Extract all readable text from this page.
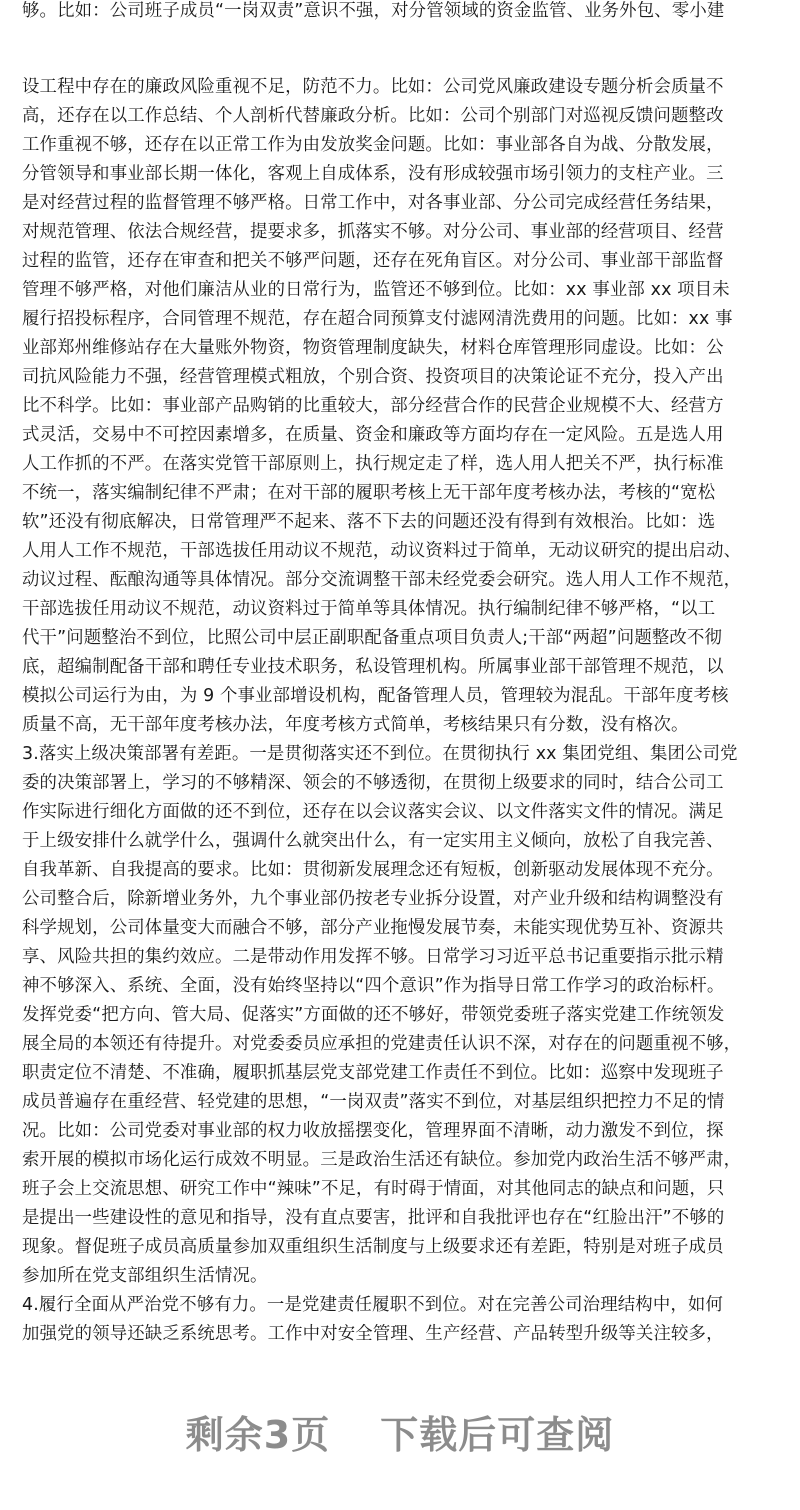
够。比如：公司班子成员“一岗双责”意识不强，对分管领域的资金监管、业务外包、零小建
设工程中存在的廉政风险重视不足，防范不力。比如：公司党风廉政建设专题分析会质量不
高，还存在以工作总结、个人剖析代替廉政分析。比如：公司个别部门对巡视反馈问题整改
工作重视不够，还存在以正常工作为由发放奖金问题。比如：事业部各自为战、分散发展，
分管领导和事业部长期一体化，客观上自成体系，没有形成较强市场引领力的支柱产业。三
是对经营过程的监督管理不够严格。日常工作中，对各事业部、分公司完成经营任务结果，
对规范管理、依法合规经营，提要求多，抓落实不够。对分公司、事业部的经营项目、经营
过程的监管，还存在审查和把关不够严问题，还存在死角盲区。对分公司、事业部干部监督
管理不够严格，对他们廉洁从业的日常行为，监管还不够到位。比如：xx 事业部 xx 项目未
履行招投标程序，合同管理不规范，存在超合同预算支付滤网清洗费用的问题。比如：xx 事
业部郑州维修站存在大量账外物资，物资管理制度缺失，材料仓库管理形同虚设。比如：公
司抗风险能力不强，经营管理模式粗放，个别合资、投资项目的决策论证不充分，投入产出
比不科学。比如：事业部产品购销的比重较大，部分经营合作的民营企业规模不大、经营方
式灵活，交易中不可控因素增多，在质量、资金和廉政等方面均存在一定风险。五是选人用
人工作抓的不严。在落实党管干部原则上，执行规定走了样，选人用人把关不严，执行标准
不统一，落实编制纪律不严肃；在对干部的履职考核上无干部年度考核办法，考核的“宽松
软”还没有彻底解决，日常管理严不起来、落不下去的问题还没有得到有效根治。比如：选
人用人工作不规范，干部选拔任用动议不规范，动议资料过于简单，无动议研究的提出启动、
动议过程、酝酿沟通等具体情况。部分交流调整干部未经党委会研究。选人用人工作不规范，
干部选拔任用动议不规范，动议资料过于简单等具体情况。执行编制纪律不够严格，“以工
代干”问题整治不到位，比照公司中层正副职配备重点项目负责人;干部“两超”问题整改不彻
底，超编制配备干部和聘任专业技术职务，私设管理机构。所属事业部干部管理不规范，以
模拟公司运行为由，为 9 个事业部增设机构，配备管理人员，管理较为混乱。干部年度考核
质量不高，无干部年度考核办法，年度考核方式简单，考核结果只有分数，没有格次。
3.落实上级决策部署有差距。一是贯彻落实还不到位。在贯彻执行 xx 集团党组、集团公司党
委的决策部署上，学习的不够精深、领会的不够透彻，在贯彻上级要求的同时，结合公司工
作实际进行细化方面做的还不到位，还存在以会议落实会议、以文件落实文件的情况。满足
于上级安排什么就学什么，强调什么就突出什么，有一定实用主义倾向，放松了自我完善、
自我革新、自我提高的要求。比如：贯彻新发展理念还有短板，创新驱动发展体现不充分。
公司整合后，除新增业务外，九个事业部仍按老专业拆分设置，对产业升级和结构调整没有
科学规划，公司体量变大而融合不够，部分产业拖慢发展节奏，未能实现优势互补、资源共
享、风险共担的集约效应。二是带动作用发挥不够。日常学习习近平总书记重要指示批示精
神不够深入、系统、全面，没有始终坚持以“四个意识”作为指导日常工作学习的政治标杆。
发挥党委“把方向、管大局、促落实”方面做的还不够好，带领党委班子落实党建工作统领发
展全局的本领还有待提升。对党委委员应承担的党建责任认识不深，对存在的问题重视不够，
职责定位不清楚、不准确，履职抓基层党支部党建工作责任不到位。比如：巡察中发现班子
成员普遍存在重经营、轻党建的思想，“一岗双责”落实不到位，对基层组织把控力不足的情
况。比如：公司党委对事业部的权力收放摇摆变化，管理界面不清晰，动力激发不到位，探
索开展的模拟市场化运行成效不明显。三是政治生活还有缺位。参加党内政治生活不够严肃，
班子会上交流思想、研究工作中“辣味”不足，有时碍于情面，对其他同志的缺点和问题，只
是提出一些建设性的意见和指导，没有直点要害，批评和自我批评也存在“红脸出汗”不够的
现象。督促班子成员高质量参加双重组织生活制度与上级要求还有差距，特别是对班子成员
参加所在党支部组织生活情况。
4.履行全面从严治党不够有力。一是党建责任履职不到位。对在完善公司治理结构中，如何
加强党的领导还缺乏系统思考。工作中对安全管理、生产经营、产品转型升级等关注较多，
剩余3页 下载后可查阅
